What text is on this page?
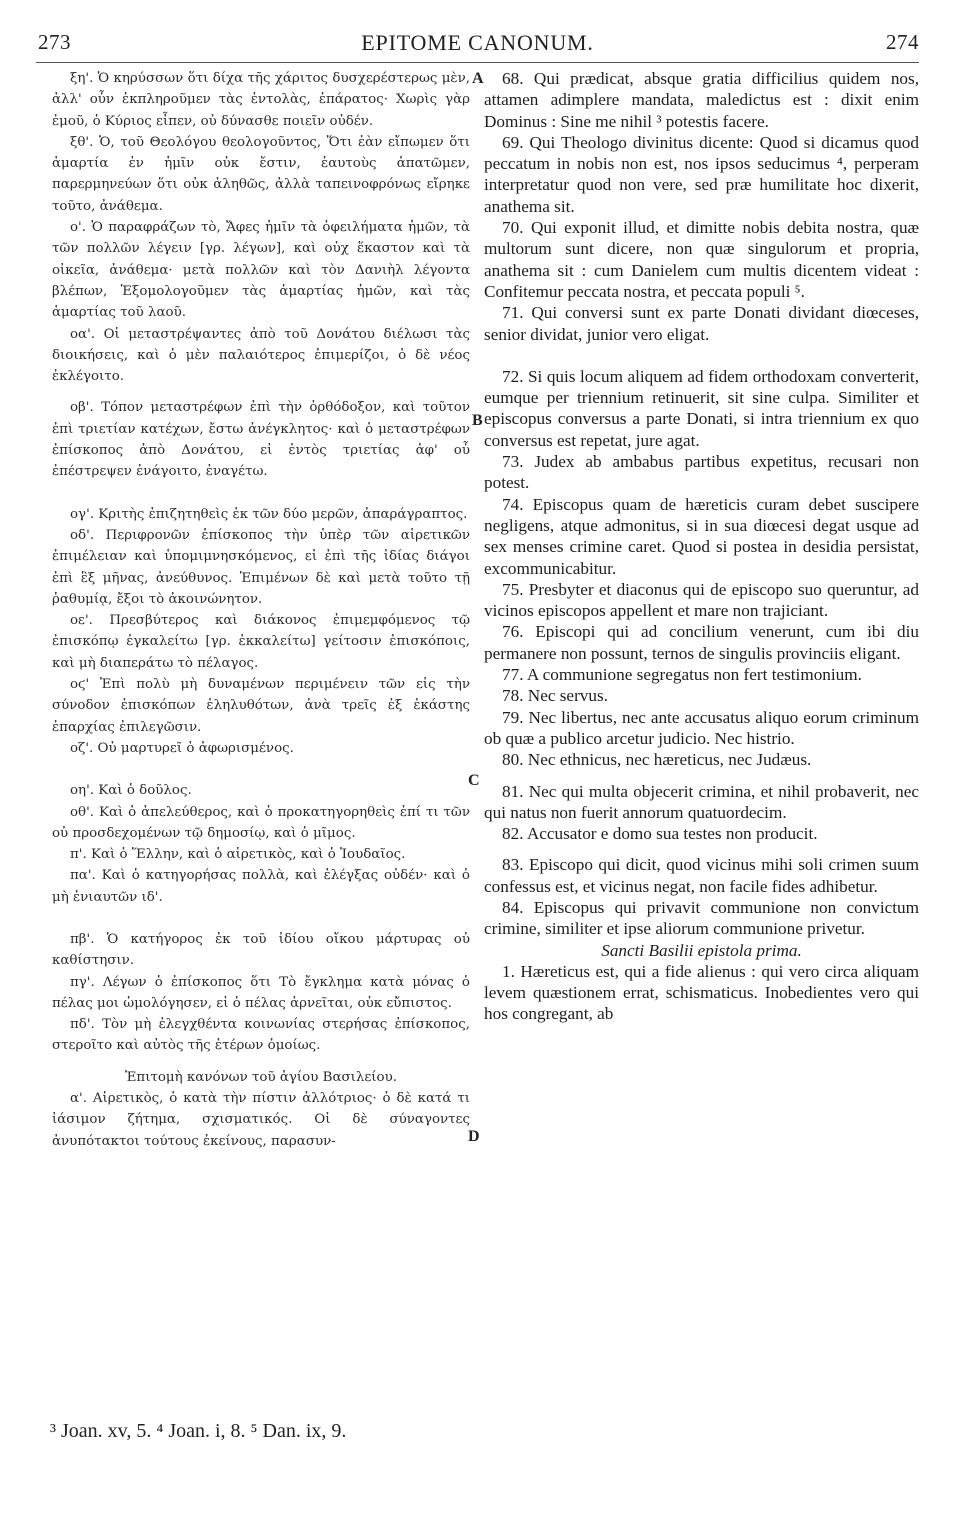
273	EPITOME CANONUM.	274
A
B
C
D

ξη'. Ὁ κηρύσσων ὅτι δίχα τῆς χάριτος δυσχερέστερως μὲν, ἀλλ' οὖν ἐκπληροῦμεν τὰς ἐντολὰς, ἐπάρατος· Χωρὶς γὰρ ἐμοῦ, ὁ Κύριος εἶπεν, οὐ δύνασθε ποιεῖν οὐδέν.

ξθ'. Ὁ, τοῦ Θεολόγου θεολογοῦντος, Ὅτι ἐὰν εἴπωμεν ὅτι ἁμαρτία ἐν ἡμῖν οὐκ ἔστιν, ἑαυτοὺς ἀπατῶμεν, παρερμηνεύων ὅτι οὐκ ἀληθῶς, ἀλλὰ ταπεινοφρόνως εἴρηκε τοῦτο, ἀνάθεμα.

ο'. Ὁ παραφράζων τὸ, Ἄφες ἡμῖν τὰ ὀφειλήματα ἡμῶν, τὰ τῶν πολλῶν λέγειν [γρ. λέγων], καὶ οὐχ ἕκαστον καὶ τὰ οἰκεῖα, ἀνάθεμα· μετὰ πολλῶν καὶ τὸν Δανιὴλ λέγοντα βλέπων, Ἐξομολογοῦμεν τὰς ἁμαρτίας ἡμῶν, καὶ τὰς ἁμαρτίας τοῦ λαοῦ.

οα'. Οἱ μεταστρέψαντες ἀπὸ τοῦ Δονάτου διέλωσι τὰς διοικήσεις, καὶ ὁ μὲν παλαιότερος ἐπιμερίζοι, ὁ δὲ νέος ἐκλέγοιτο.

οβ'. Τόπον μεταστρέφων ἐπὶ τὴν ὀρθόδοξον, καὶ τοῦτον ἐπὶ τριετίαν κατέχων, ἔστω ἀνέγκλητος· καὶ ὁ μεταστρέφων ἐπίσκοπος ἀπὸ Δονάτου, εἰ ἐντὸς τριετίας ἀφ' οὗ ἐπέστρεψεν ἐνάγοιτο, ἐναγέτω.

ογ'. Κριτὴς ἐπιζητηθεὶς ἐκ τῶν δύο μερῶν, ἀπαράγραπτος.

οδ'. Περιφρονῶν ἐπίσκοπος τὴν ὑπὲρ τῶν αἱρετικῶν ἐπιμέλειαν καὶ ὑπομιμνησκόμενος, εἰ ἐπὶ τῆς ἰδίας διάγοι ἐπὶ ἓξ μῆνας, ἀνεύθυνος. Ἐπιμένων δὲ καὶ μετὰ τοῦτο τῇ ῥαθυμίᾳ, ἔξοι τὸ ἀκοινώνητον.

οε'. Πρεσβύτερος καὶ διάκονος ἐπιμεμφόμενος τῷ ἐπισκόπῳ ἐγκαλείτω [γρ. ἐκκαλείτω] γείτοσιν ἐπισκόποις, καὶ μὴ διαπεράτω τὸ πέλαγος.

οϛ' Ἐπὶ πολὺ μὴ δυναμένων περιμένειν τῶν εἰς τὴν σύνοδον ἐπισκόπων ἐληλυθότων, ἀνὰ τρεῖς ἐξ ἑκάστης ἐπαρχίας ἐπιλεγῶσιν.

οζ'. Οὐ μαρτυρεῖ ὁ ἀφωρισμένος.

οη'. Καὶ ὁ δοῦλος.

οθ'. Καὶ ὁ ἀπελεύθερος, καὶ ὁ προκατηγορηθεὶς ἐπί τι τῶν οὐ προσδεχομένων τῷ δημοσίῳ, καὶ ὁ μῖμος.

π'. Καὶ ὁ Ἕλλην, καὶ ὁ αἱρετικὸς, καὶ ὁ Ἰουδαῖος.

πα'. Καὶ ὁ κατηγορήσας πολλὰ, καὶ ἐλέγξας οὐδέν· καὶ ὁ μὴ ἐνιαυτῶν ιδ'.

πβ'. Ὁ κατήγορος ἐκ τοῦ ἰδίου οἴκου μάρτυρας οὐ καθίστησιν.

πγ'. Λέγων ὁ ἐπίσκοπος ὅτι Τὸ ἔγκλημα κατὰ μόνας ὁ πέλας μοι ὡμολόγησεν, εἰ ὁ πέλας ἀρνεῖται, οὐκ εὔπιστος.

πδ'. Τὸν μὴ ἐλεγχθέντα κοινωνίας στερήσας ἐπίσκοπος, στεροῖτο καὶ αὐτὸς τῆς ἑτέρων ὁμοίως.

Ἐπιτομὴ κανόνων τοῦ ἁγίου Βασιλείου.

α'. Αἱρετικὸς, ὁ κατὰ τὴν πίστιν ἀλλότριος· ὁ δὲ κατά τι ἰάσιμον ζήτημα, σχισματικός. Οἱ δὲ σύναγοντες ἀνυπότακτοι τούτους ἐκείνους, παρασυν-

68. Qui prædicat, absque gratia difficilius quidem nos, attamen adimplere mandata, maledictus est : dixit enim Dominus : Sine me nihil ³ potestis facere.

69. Qui Theologo divinitus dicente: Quod si dicamus quod peccatum in nobis non est, nos ipsos seducimus ⁴, perperam interpretatur quod non vere, sed præ humilitate hoc dixerit, anathema sit.

70. Qui exponit illud, et dimitte nobis debita nostra, quæ multorum sunt dicere, non quæ singulorum et propria, anathema sit : cum Danielem cum multis dicentem videat : Confitemur peccata nostra, et peccata populi ⁵.

71. Qui conversi sunt ex parte Donati dividant diœceses, senior dividat, junior vero eligat.

72. Si quis locum aliquem ad fidem orthodoxam converterit, eumque per triennium retinuerit, sit sine culpa. Similiter et episcopus conversus a parte Donati, si intra triennium ex quo conversus est repetat, jure agat.

73. Judex ab ambabus partibus expetitus, recusari non potest.

74. Episcopus quam de hæreticis curam debet suscipere negligens, atque admonitus, si in sua diœcesi degat usque ad sex menses crimine caret. Quod si postea in desidia persistat, excommunicabitur.

75. Presbyter et diaconus qui de episcopo suo queruntur, ad vicinos episcopos appellent et mare non trajiciant.

76. Episcopi qui ad concilium venerunt, cum ibi diu permanere non possunt, ternos de singulis provinciis eligant.

77. A communione segregatus non fert testimonium.

78. Nec servus.

79. Nec libertus, nec ante accusatus aliquo eorum criminum ob quæ a publico arcetur judicio. Nec histrio.

80. Nec ethnicus, nec hæreticus, nec Judæus.

81. Nec qui multa objecerit crimina, et nihil probaverit, nec qui natus non fuerit annorum quatuordecim.

82. Accusator e domo sua testes non producit.

83. Episcopo qui dicit, quod vicinus mihi soli crimen suum confessus est, et vicinus negat, non facile fides adhibetur.

84. Episcopus qui privavit communione non convictum crimine, similiter et ipse aliorum communione privetur.

Sancti Basilii epistola prima.

1. Hæreticus est, qui a fide alienus : qui vero circa aliquam levem quæstionem errat, schismaticus. Inobedientes vero qui hos congregant, ab

³ Joan. xv, 5. ⁴ Joan. i, 8. ⁵ Dan. ix, 9.
